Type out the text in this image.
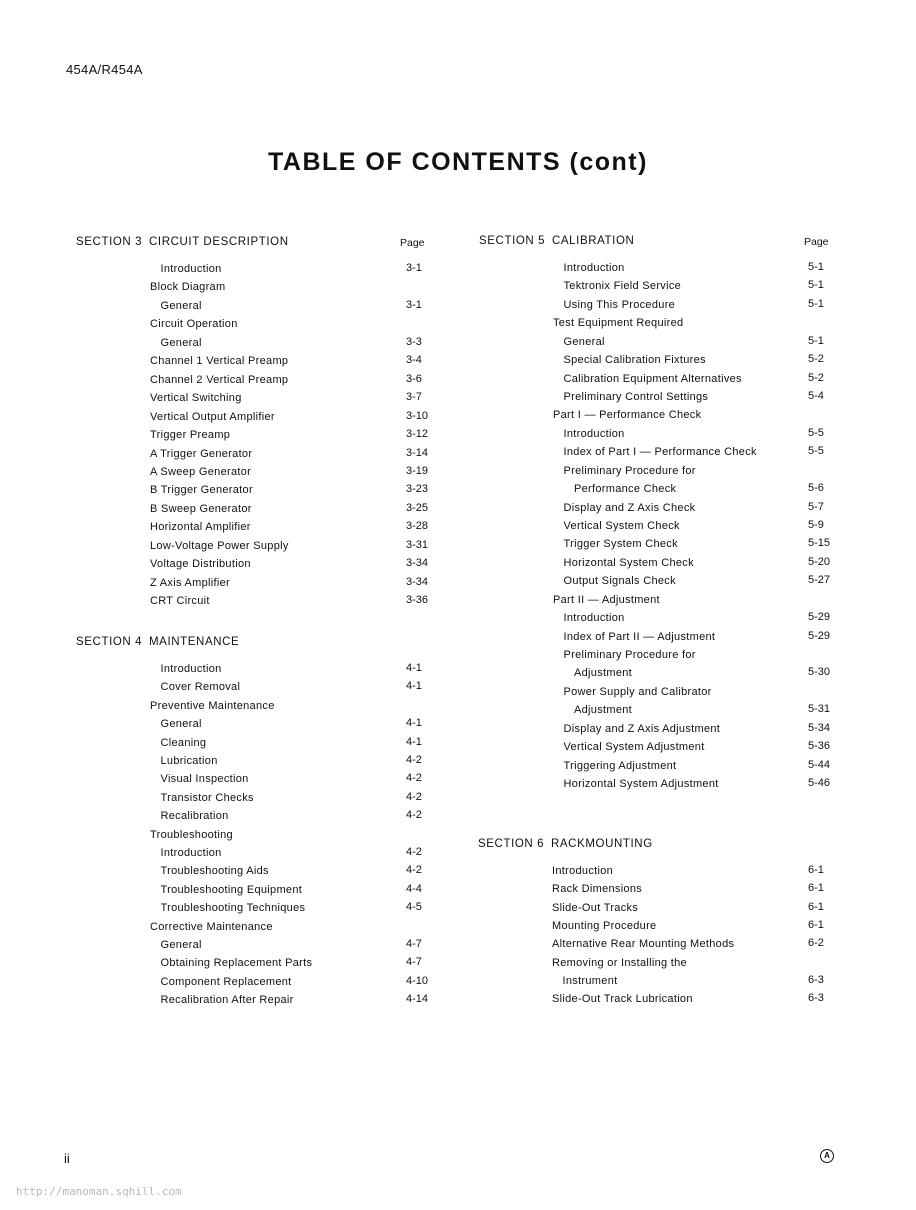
454A/R454A
TABLE OF CONTENTS (cont)
SECTION 3 CIRCUIT DESCRIPTION	Page
Introduction	3-1
Block Diagram
General	3-1
Circuit Operation
General	3-3
Channel 1 Vertical Preamp	3-4
Channel 2 Vertical Preamp	3-6
Vertical Switching	3-7
Vertical Output Amplifier	3-10
Trigger Preamp	3-12
A Trigger Generator	3-14
A Sweep Generator	3-19
B Trigger Generator	3-23
B Sweep Generator	3-25
Horizontal Amplifier	3-28
Low-Voltage Power Supply	3-31
Voltage Distribution	3-34
Z Axis Amplifier	3-34
CRT Circuit	3-36
SECTION 4 MAINTENANCE
Introduction	4-1
Cover Removal	4-1
Preventive Maintenance
General	4-1
Cleaning	4-1
Lubrication	4-2
Visual Inspection	4-2
Transistor Checks	4-2
Recalibration	4-2
Troubleshooting
Introduction	4-2
Troubleshooting Aids	4-2
Troubleshooting Equipment	4-4
Troubleshooting Techniques	4-5
Corrective Maintenance
General	4-7
Obtaining Replacement Parts	4-7
Component Replacement	4-10
Recalibration After Repair	4-14
SECTION 5 CALIBRATION	Page
Introduction	5-1
Tektronix Field Service	5-1
Using This Procedure	5-1
Test Equipment Required
General	5-1
Special Calibration Fixtures	5-2
Calibration Equipment Alternatives	5-2
Preliminary Control Settings	5-4
Part I — Performance Check
Introduction	5-5
Index of Part I — Performance Check	5-5
Preliminary Procedure for
Performance Check	5-6
Display and Z Axis Check	5-7
Vertical System Check	5-9
Trigger System Check	5-15
Horizontal System Check	5-20
Output Signals Check	5-27
Part II — Adjustment
Introduction	5-29
Index of Part II — Adjustment	5-29
Preliminary Procedure for
Adjustment	5-30
Power Supply and Calibrator
Adjustment	5-31
Display and Z Axis Adjustment	5-34
Vertical System Adjustment	5-36
Triggering Adjustment	5-44
Horizontal System Adjustment	5-46
SECTION 6 RACKMOUNTING
Introduction	6-1
Rack Dimensions	6-1
Slide-Out Tracks	6-1
Mounting Procedure	6-1
Alternative Rear Mounting Methods	6-2
Removing or Installing the
Instrument	6-3
Slide-Out Track Lubrication	6-3
ii	A
http://manoman.sqhill.com
